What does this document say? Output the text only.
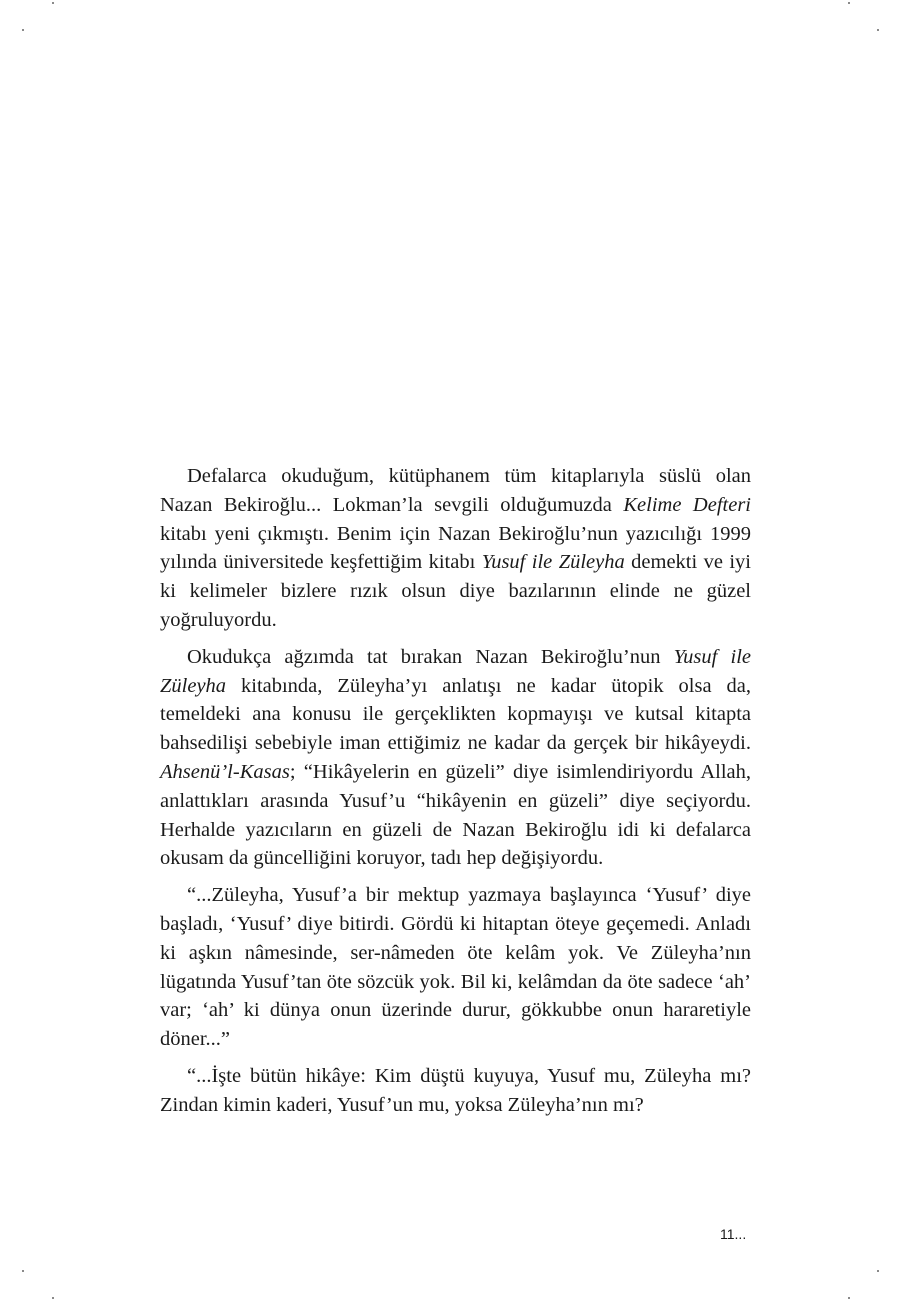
Defalarca okuduğum, kütüphanem tüm kitaplarıyla süslü olan Nazan Bekiroğlu... Lokman’la sevgili olduğumuzda Kelime Defteri kitabı yeni çıkmıştı. Benim için Nazan Bekiroğlu’nun yazıcılığı 1999 yılında üniversitede keşfettiğim kitabı Yusuf ile Züleyha demekti ve iyi ki kelimeler bizlere rızık olsun diye bazılarının elinde ne güzel yoğruluyordu.

Okudukça ağzımda tat bırakan Nazan Bekiroğlu’nun Yusuf ile Züleyha kitabında, Züleyha’yı anlatışı ne kadar ütopik olsa da, temeldeki ana konusu ile gerçeklikten kopmayışı ve kutsal kitapta bahsedilişi sebebiyle iman ettiğimiz ne kadar da gerçek bir hikâyeydi. Ahsenü’l-Kasas; “Hikâyelerin en güzeli” diye isimlendiriyordu Allah, anlattıkları arasında Yusuf’u “hikâyenin en güzeli” diye seçiyordu. Herhalde yazıcıların en güzeli de Nazan Bekiroğlu idi ki defalarca okusam da güncelliğini koruyor, tadı hep değişiyordu.

“...Züleyha, Yusuf’a bir mektup yazmaya başlayınca ‘Yusuf’ diye başladı, ‘Yusuf’ diye bitirdi. Gördü ki hitaptan öteye geçemedi. Anladı ki aşkın nâmesinde, ser-nâmeden öte kelâm yok. Ve Züleyha’nın lügatında Yusuf’tan öte sözcük yok. Bil ki, kelâmdan da öte sadece ‘ah’ var; ‘ah’ ki dünya onun üzerinde durur, gökkubbe onun hararetiyle döner...”

“...İşte bütün hikâye: Kim düştü kuyuya, Yusuf mu, Züleyha mı? Zindan kimin kaderi, Yusuf’un mu, yoksa Züleyha’nın mı?

11...
